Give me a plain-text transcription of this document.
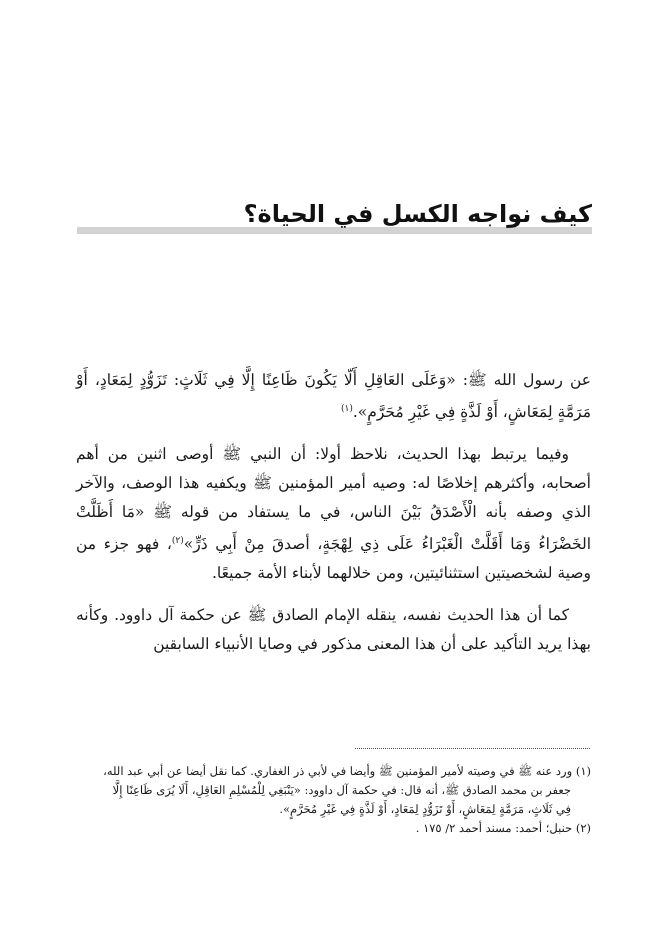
كيف نواجه الكسل في الحياة؟

عن رسول الله ﷺ: «وَعَلَى العَاقِلِ أَلّا يَكُونَ ظَاعِنًا إِلَّا فِي ثَلَاثٍ: تَزَوُّدٍ لِمَعَادٍ، أَوْ مَرَمَّةٍ لِمَعَاشٍ، أَوْ لَذَّةٍ فِي غَيْرِ مُحَرَّمٍ».$^{(١)}$

وفيما يرتبط بهذا الحديث، نلاحظ أولا: أن النبي ﷺ أوصى اثنين من أهم أصحابه، وأكثرهم إخلاصًا له: وصيه أمير المؤمنين ﷺ ويكفيه هذا الوصف، والآخر الذي وصفه بأنه الْأَصْدَقُ بَيْنَ الناس، في ما يستفاد من قوله ﷺ «مَا أَظَلَّتْ الخَضْرَاءُ وَمَا أَقَلَّتْ الْغَبْرَاءُ عَلَى ذِي لِهْجَةٍ، أصدقَ مِنْ أَبِي ذَرٍّ»$^{(٢)}$، فهو جزء من وصية لشخصيتين استثنائيتين، ومن خلالهما لأبناء الأمة جميعًا.

كما أن هذا الحديث نفسه، ينقله الإمام الصادق ﷺ عن حكمة آل داوود. وكأنه بهذا يريد التأكيد على أن هذا المعنى مذكور في وصايا الأنبياء السابقين

(١) ورد عنه ﷺ في وصيته لأمير المؤمنين ﷺ وأيضا في لأبي ذر الغفاري. كما نقل أيضا عن أبي عبد الله،

جعفر بن محمد الصادق ﷺ، أنه قال: في حكمة آل داوود: «يَنْبَغِي لِلْمُسْلِمِ العَاقِلِ، أَلَا يُرَى ظَاعِنًا إِلَّا

فِي ثَلَاثٍ، مَرَمَّةٍ لِمَعَاشٍ، أَوْ تَزَوُّدٍ لِمَعَادٍ، أَوْ لَذَّةٍ فِي غَيْرِ مُحَرَّمٍ».

(٢) حنبل؛ أحمد: مسند أحمد ٢/ ١٧٥ .
